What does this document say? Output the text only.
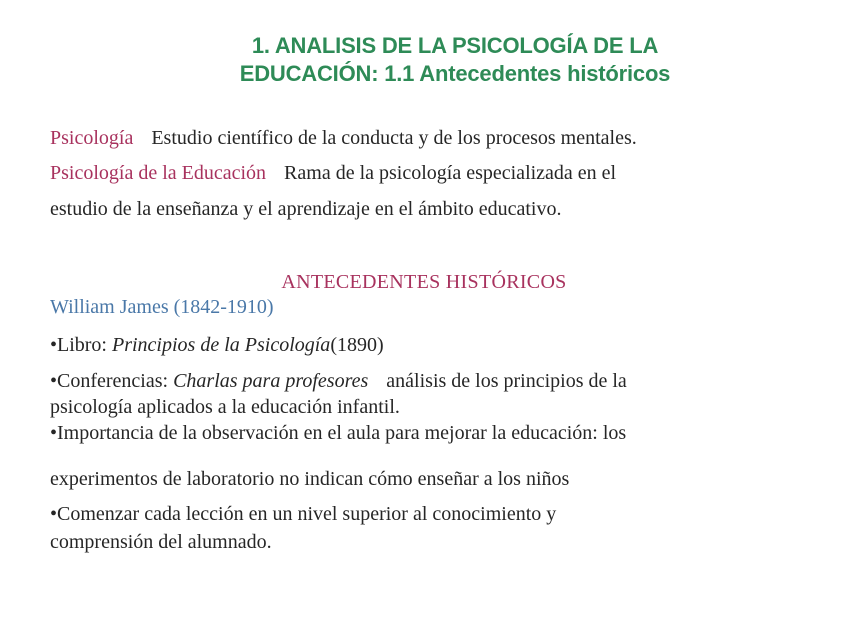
1. ANALISIS DE LA PSICOLOGÍA DE LA
EDUCACIÓN: 1.1 Antecedentes históricos
Psicología Estudio científico de la conducta y de los procesos mentales.
Psicología de la Educación Rama de la psicología especializada en el
estudio de la enseñanza y el aprendizaje en el ámbito educativo.
ANTECEDENTES HISTÓRICOS
William James (1842-1910)
•Libro: Principios de la Psicología(1890)
•Conferencias: Charlas para profesores análisis de los principios de la
psicología aplicados a la educación infantil.
•Importancia de la observación en el aula para mejorar la educación: los
experimentos de laboratorio no indican cómo enseñar a los niños
•Comenzar cada lección en un nivel superior al conocimiento y
comprensión del alumnado.
